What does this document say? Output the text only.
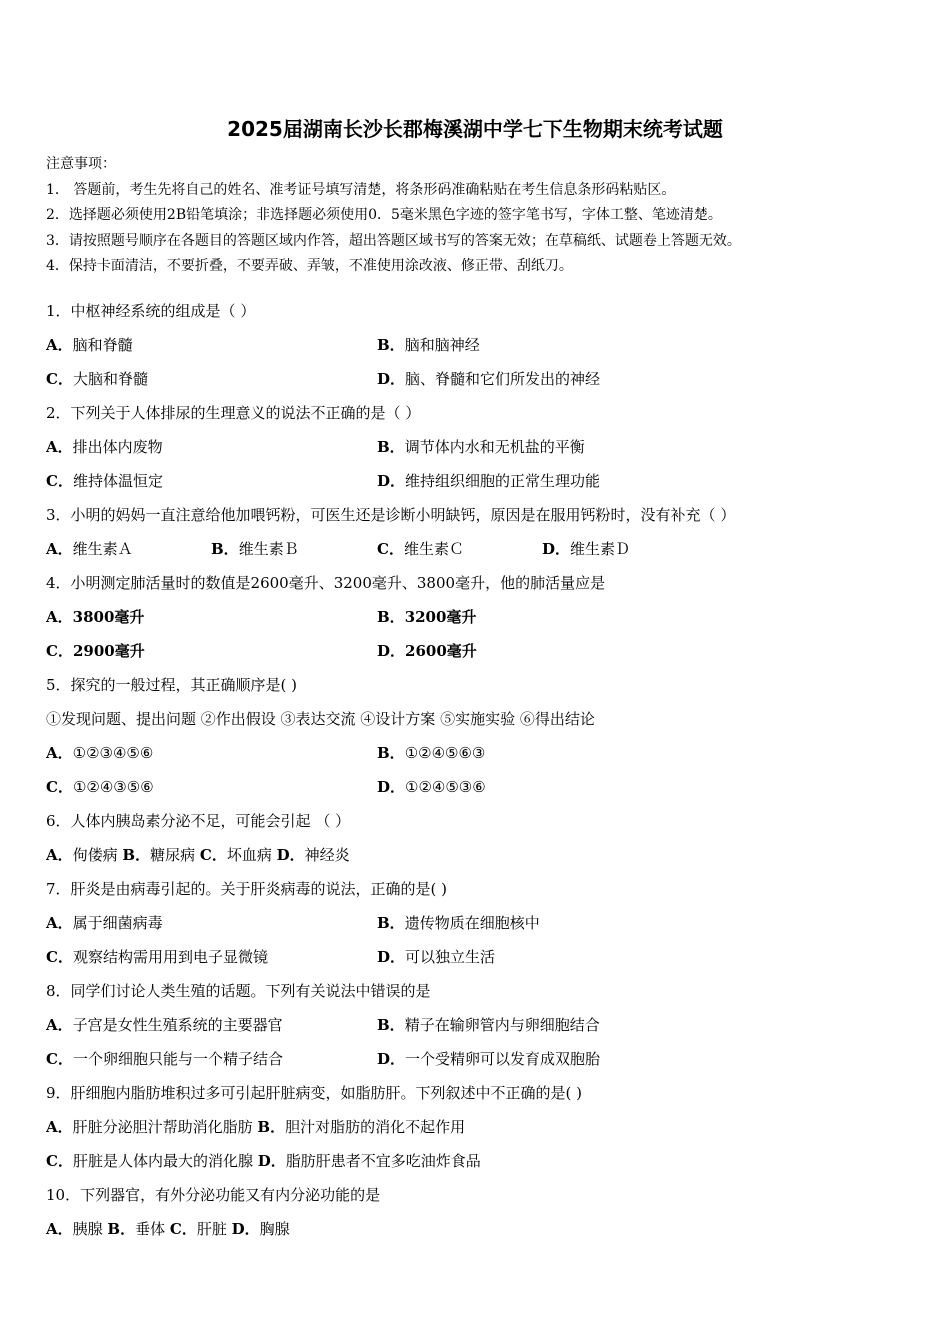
2025届湖南长沙长郡梅溪湖中学七下生物期末统考试题
注意事项：
1． 答题前，考生先将自己的姓名、准考证号填写清楚，将条形码准确粘贴在考生信息条形码粘贴区。
2．选择题必须使用2B铅笔填涂；非选择题必须使用0．5毫米黑色字迹的签字笔书写，字体工整、笔迹清楚。
3．请按照题号顺序在各题目的答题区域内作答，超出答题区域书写的答案无效；在草稿纸、试题卷上答题无效。
4．保持卡面清洁，不要折叠，不要弄破、弄皱，不准使用涂改液、修正带、刮纸刀。
1．中枢神经系统的组成是（ ）
A．脑和脊髓	B．脑和脑神经
C．大脑和脊髓	D．脑、脊髓和它们所发出的神经
2．下列关于人体排尿的生理意义的说法不正确的是（ ）
A．排出体内废物	B．调节体内水和无机盐的平衡
C．维持体温恒定	D．维持组织细胞的正常生理功能
3．小明的妈妈一直注意给他加喂钙粉，可医生还是诊断小明缺钙，原因是在服用钙粉时，没有补充（ ）
A．维生素Ａ	B．维生素Ｂ	C．维生素Ｃ	D．维生素Ｄ
4．小明测定肺活量时的数值是2600毫升、3200毫升、3800毫升，他的肺活量应是
A．3800毫升	B．3200毫升
C．2900毫升	D．2600毫升
5．探究的一般过程，其正确顺序是( )
①发现问题、提出问题 ②作出假设 ③表达交流 ④设计方案 ⑤实施实验 ⑥得出结论
A．①②③④⑤⑥	B．①②④⑤⑥③
C．①②④③⑤⑥	D．①②④⑤③⑥
6．人体内胰岛素分泌不足，可能会引起 （ ）
A．佝偻病 B．糖尿病 C．坏血病 D．神经炎
7．肝炎是由病毒引起的。关于肝炎病毒的说法，正确的是( )
A．属于细菌病毒	B．遗传物质在细胞核中
C．观察结构需用用到电子显微镜	D．可以独立生活
8．同学们讨论人类生殖的话题。下列有关说法中错误的是
A．子宫是女性生殖系统的主要器官	B．精子在输卵管内与卵细胞结合
C．一个卵细胞只能与一个精子结合	D．一个受精卵可以发育成双胞胎
9．肝细胞内脂肪堆积过多可引起肝脏病变，如脂肪肝。下列叙述中不正确的是( )
A．肝脏分泌胆汁帮助消化脂肪 B．胆汁对脂肪的消化不起作用
C．肝脏是人体内最大的消化腺 D．脂肪肝患者不宜多吃油炸食品
10．下列器官，有外分泌功能又有内分泌功能的是
A．胰腺 B．垂体 C．肝脏 D．胸腺
